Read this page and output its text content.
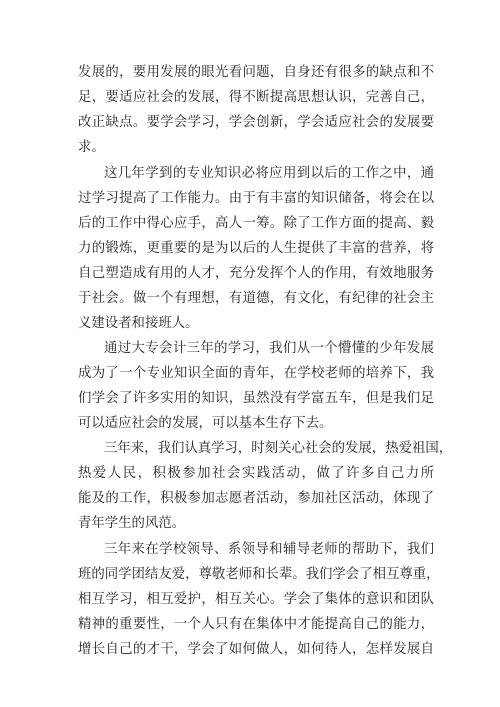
发展的，要用发展的眼光看问题，自身还有很多的缺点和不
足，要适应社会的发展，得不断提高思想认识，完善自己，
改正缺点。要学会学习，学会创新，学会适应社会的发展要
求。
这几年学到的专业知识必将应用到以后的工作之中，通
过学习提高了工作能力。由于有丰富的知识储备，将会在以
后的工作中得心应手，高人一筹。除了工作方面的提高、毅
力的锻炼，更重要的是为以后的人生提供了丰富的营养，将
自己塑造成有用的人才，充分发挥个人的作用，有效地服务
于社会。做一个有理想，有道德，有文化，有纪律的社会主
义建设者和接班人。
通过大专会计三年的学习，我们从一个懵懂的少年发展
成为了一个专业知识全面的青年，在学校老师的培养下，我
们学会了许多实用的知识，虽然没有学富五车，但是我们足
可以适应社会的发展，可以基本生存下去。
三年来，我们认真学习，时刻关心社会的发展，热爱祖国，
热爱人民，积极参加社会实践活动，做了许多自己力所
能及的工作，积极参加志愿者活动，参加社区活动，体现了
青年学生的风范。
三年来在学校领导、系领导和辅导老师的帮助下，我们
班的同学团结友爱，尊敬老师和长辈。我们学会了相互尊重，
相互学习，相互爱护，相互关心。学会了集体的意识和团队
精神的重要性，一个人只有在集体中才能提高自己的能力，
增长自己的才干，学会了如何做人，如何待人，怎样发展自
